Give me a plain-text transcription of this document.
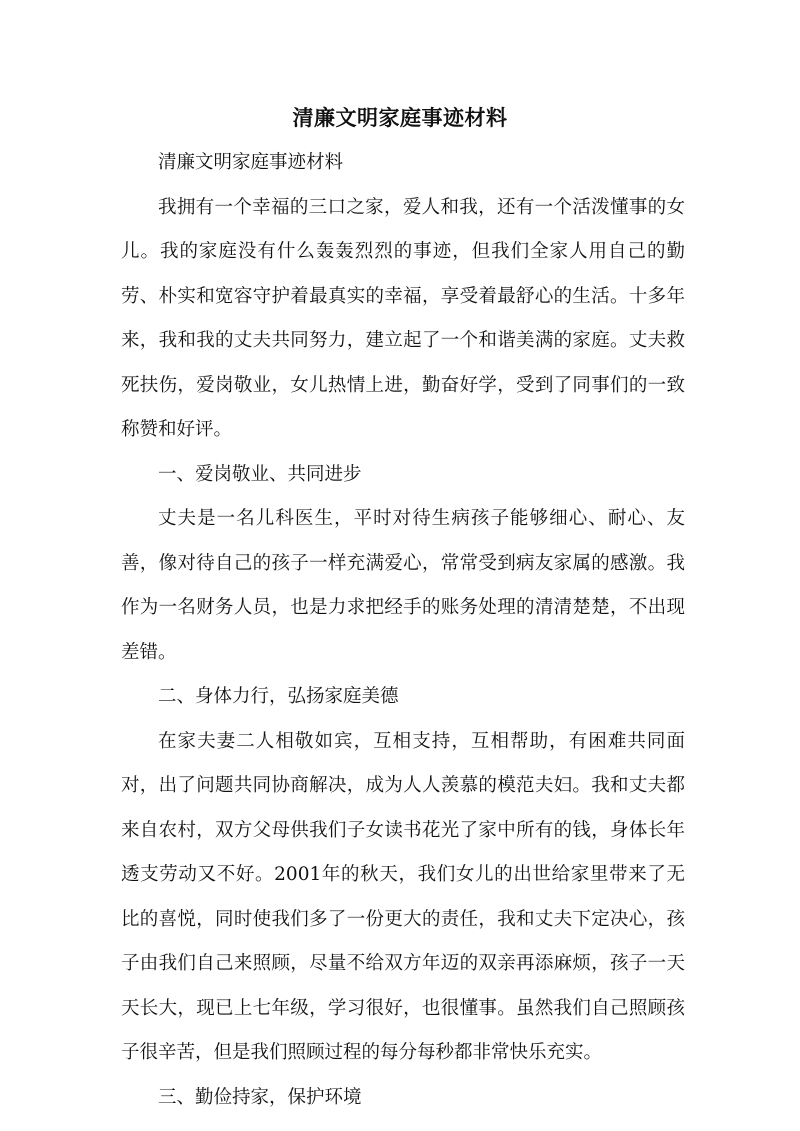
清廉文明家庭事迹材料

清廉文明家庭事迹材料

我拥有一个幸福的三口之家，爱人和我，还有一个活泼懂事的女儿。我的家庭没有什么轰轰烈烈的事迹，但我们全家人用自己的勤劳、朴实和宽容守护着最真实的幸福，享受着最舒心的生活。十多年来，我和我的丈夫共同努力，建立起了一个和谐美满的家庭。丈夫救死扶伤，爱岗敬业，女儿热情上进，勤奋好学，受到了同事们的一致称赞和好评。

一、爱岗敬业、共同进步

丈夫是一名儿科医生，平时对待生病孩子能够细心、耐心、友善，像对待自己的孩子一样充满爱心，常常受到病友家属的感激。我作为一名财务人员，也是力求把经手的账务处理的清清楚楚，不出现差错。

二、身体力行，弘扬家庭美德

在家夫妻二人相敬如宾，互相支持，互相帮助，有困难共同面对，出了问题共同协商解决，成为人人羡慕的模范夫妇。我和丈夫都来自农村，双方父母供我们子女读书花光了家中所有的钱，身体长年透支劳动又不好。2001年的秋天，我们女儿的出世给家里带来了无比的喜悦，同时使我们多了一份更大的责任，我和丈夫下定决心，孩子由我们自己来照顾，尽量不给双方年迈的双亲再添麻烦，孩子一天天长大，现已上七年级，学习很好，也很懂事。虽然我们自己照顾孩子很辛苦，但是我们照顾过程的每分每秒都非常快乐充实。

三、勤俭持家，保护环境
